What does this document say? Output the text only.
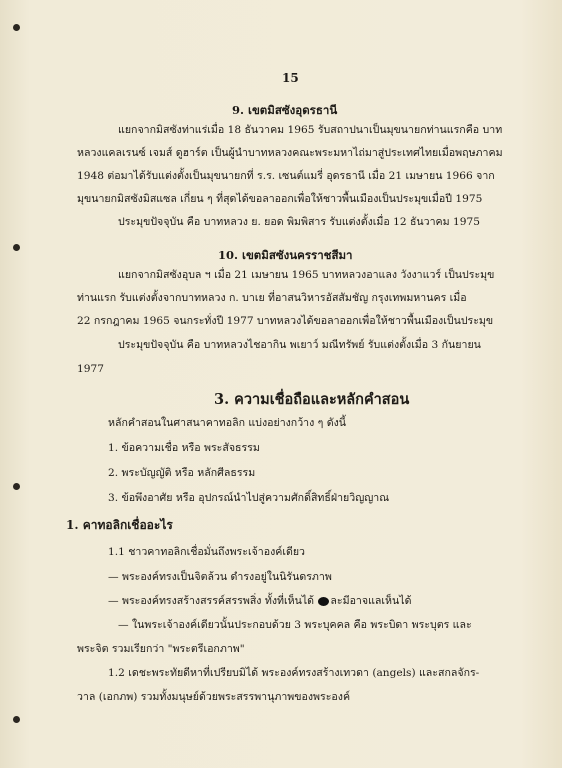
15
9. เขตมิสซังอุดรธานี
แยกจากมิสซังท่าแร่เมื่อ 18 ธันวาคม 1965 รับสถาปนาเป็นมุขนายกท่านแรกคือ บาท
หลวงแคลเรนซ์ เจมส์ ดูฮาร์ต เป็นผู้นำบาทหลวงคณะพระมหาไถ่มาสู่ประเทศไทยเมื่อพฤษภาคม
1948 ต่อมาได้รับแต่งตั้งเป็นมุขนายกที่ ร.ร. เซนต์แมรี่ อุดรธานี เมื่อ 21 เมษายน 1966 จาก
มุขนายกมิสซังมิสแซล เกี่ยน ๆ ที่สุดได้ขอลาออกเพื่อให้ชาวพื้นเมืองเป็นประมุขเมื่อปี 1975
ประมุขปัจจุบัน คือ บาทหลวง ย. ยอด พิมพิสาร รับแต่งตั้งเมื่อ 12 ธันวาคม 1975
10. เขตมิสซังนครราชสีมา
แยกจากมิสซังอุบล ฯ เมื่อ 21 เมษายน 1965 บาทหลวงอาแลง วังงาแวร์ เป็นประมุข
ท่านแรก รับแต่งตั้งจากบาทหลวง ก. บาเย ที่อาสนวิหารอัสสัมชัญ กรุงเทพมหานคร เมื่อ
22 กรกฎาคม 1965 จนกระทั่งปี 1977 บาทหลวงได้ขอลาออกเพื่อให้ชาวพื้นเมืองเป็นประมุข
ประมุขปัจจุบัน คือ บาทหลวงไชอากิน พเยาว์ มณีทรัพย์ รับแต่งตั้งเมื่อ 3 กันยายน
1977
3. ความเชื่อถือและหลักคำสอน
หลักคำสอนในศาสนาคาทอลิก แบ่งอย่างกว้าง ๆ ดังนี้
1. ข้อความเชื่อ หรือ พระสัจธรรม
2. พระบัญญัติ หรือ หลักศีลธรรม
3. ข้อพึงอาศัย หรือ อุปกรณ์นำไปสู่ความศักดิ์สิทธิ์ฝ่ายวิญญาณ
1. คาทอลิกเชื่ออะไร
1.1 ชาวคาทอลิกเชื่อมั่นถึงพระเจ้าองค์เดียว
— พระองค์ทรงเป็นจิตล้วน ดำรงอยู่ในนิรันดรภาพ
— พระองค์ทรงสร้างสรรค์สรรพสิ่ง ทั้งที่เห็นได้ ละมีอาจแลเห็นได้
— ในพระเจ้าองค์เดียวนั้นประกอบด้วย 3 พระบุคคล คือ พระบิดา พระบุตร และ
พระจิต รวมเรียกว่า "พระตรีเอกภาพ"
1.2 เดชะพระทัยดีหาที่เปรียบมิได้ พระองค์ทรงสร้างเทวดา (angels) และสกลจักร-
วาล (เอกภพ) รวมทั้งมนุษย์ด้วยพระสรรพานุภาพของพระองค์
